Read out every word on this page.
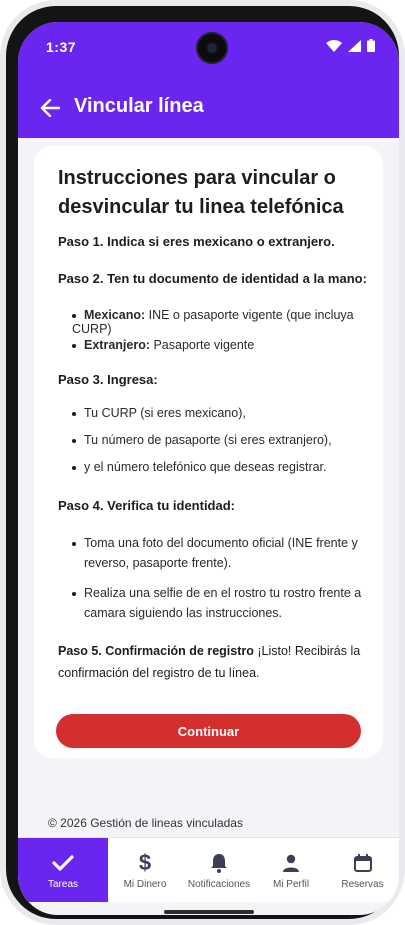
1:37
Vincular línea
Instrucciones para vincular o desvincular tu linea telefónica
Paso 1. Indica si eres mexicano o extranjero.
Paso 2. Ten tu documento de identidad a la mano:
Mexicano: INE o pasaporte vigente (que incluya CURP)
Extranjero: Pasaporte vigente
Paso 3. Ingresa:
Tu CURP (si eres mexicano),
Tu número de pasaporte (si eres extranjero),
y el número telefónico que deseas registrar.
Paso 4. Verifica tu identidad:
Toma una foto del documento oficial (INE frente y
reverso, pasaporte frente).
Realiza una selfie de en el rostro tu rostro frente a
camara siguiendo las instrucciones.
Paso 5. Confirmación de registro ¡Listo! Recibirás la
confirmación del registro de tu línea.
Continuar
© 2026 Gestión de lineas vinculadas
Tareas
$
Mi Dinero Notificaciones Mi Perfil	Reservas
